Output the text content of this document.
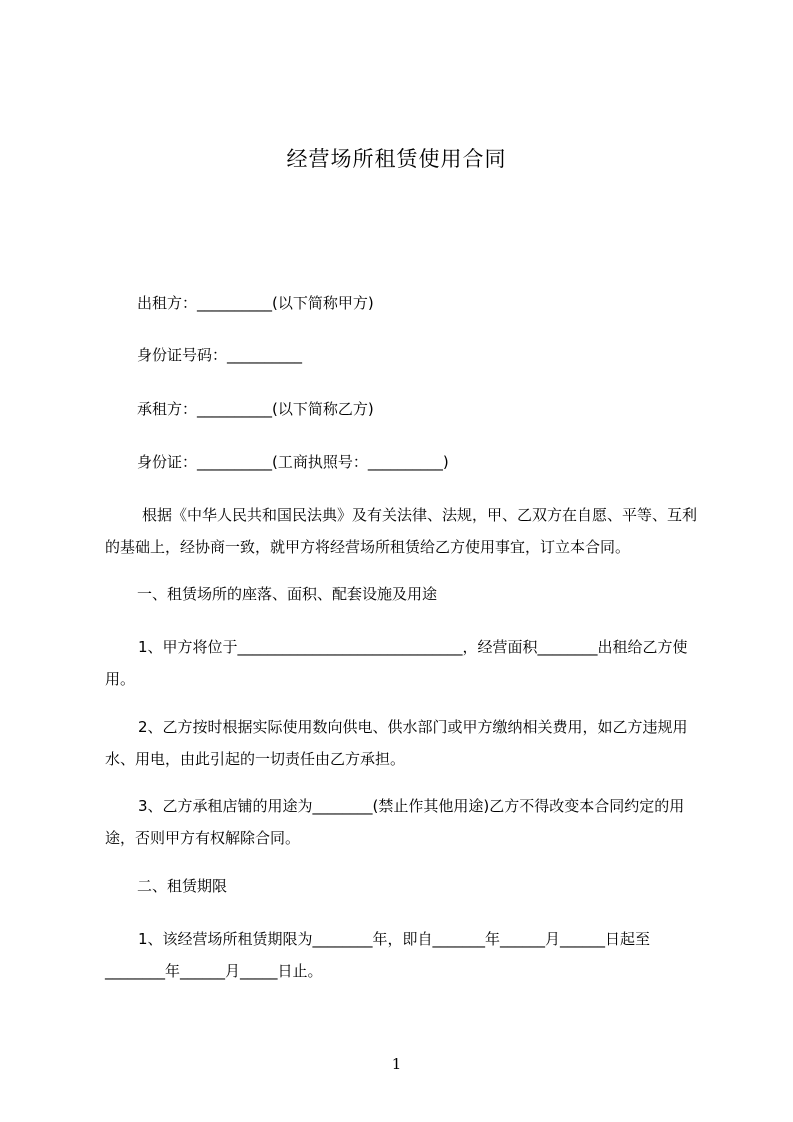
经营场所租赁使用合同
出租方：__________(以下简称甲方)
身份证号码：__________
承租方：__________(以下简称乙方)
身份证：__________(工商执照号：__________)
根据《中华人民共和国民法典》及有关法律、法规，甲、乙双方在自愿、平等、互利的基础上，经协商一致，就甲方将经营场所租赁给乙方使用事宜，订立本合同。
一、租赁场所的座落、面积、配套设施及用途
1、甲方将位于______________________________，经营面积________出租给乙方使用。
2、乙方按时根据实际使用数向供电、供水部门或甲方缴纳相关费用，如乙方违规用水、用电，由此引起的一切责任由乙方承担。
3、乙方承租店铺的用途为________(禁止作其他用途)乙方不得改变本合同约定的用途，否则甲方有权解除合同。
二、租赁期限
1、该经营场所租赁期限为________年，即自_______年______月______日起至________年______月_____日止。
1
